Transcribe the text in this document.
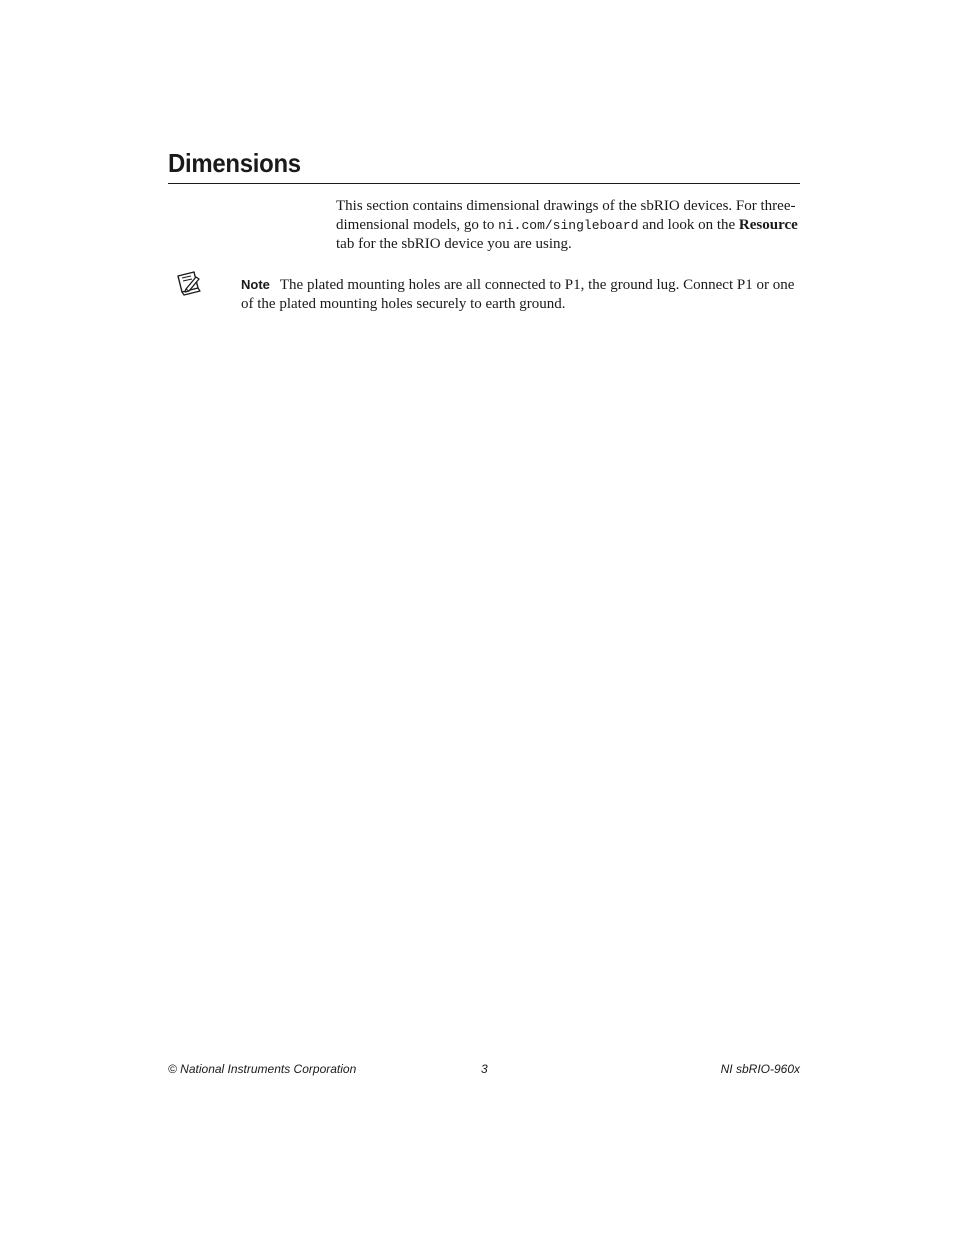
Dimensions

This section contains dimensional drawings of the sbRIO devices. For three-dimensional models, go to ni.com/singleboard and look on the Resource tab for the sbRIO device you are using.

Note The plated mounting holes are all connected to P1, the ground lug. Connect P1 or one of the plated mounting holes securely to earth ground.

© National Instruments Corporation	3	NI sbRIO-960x
